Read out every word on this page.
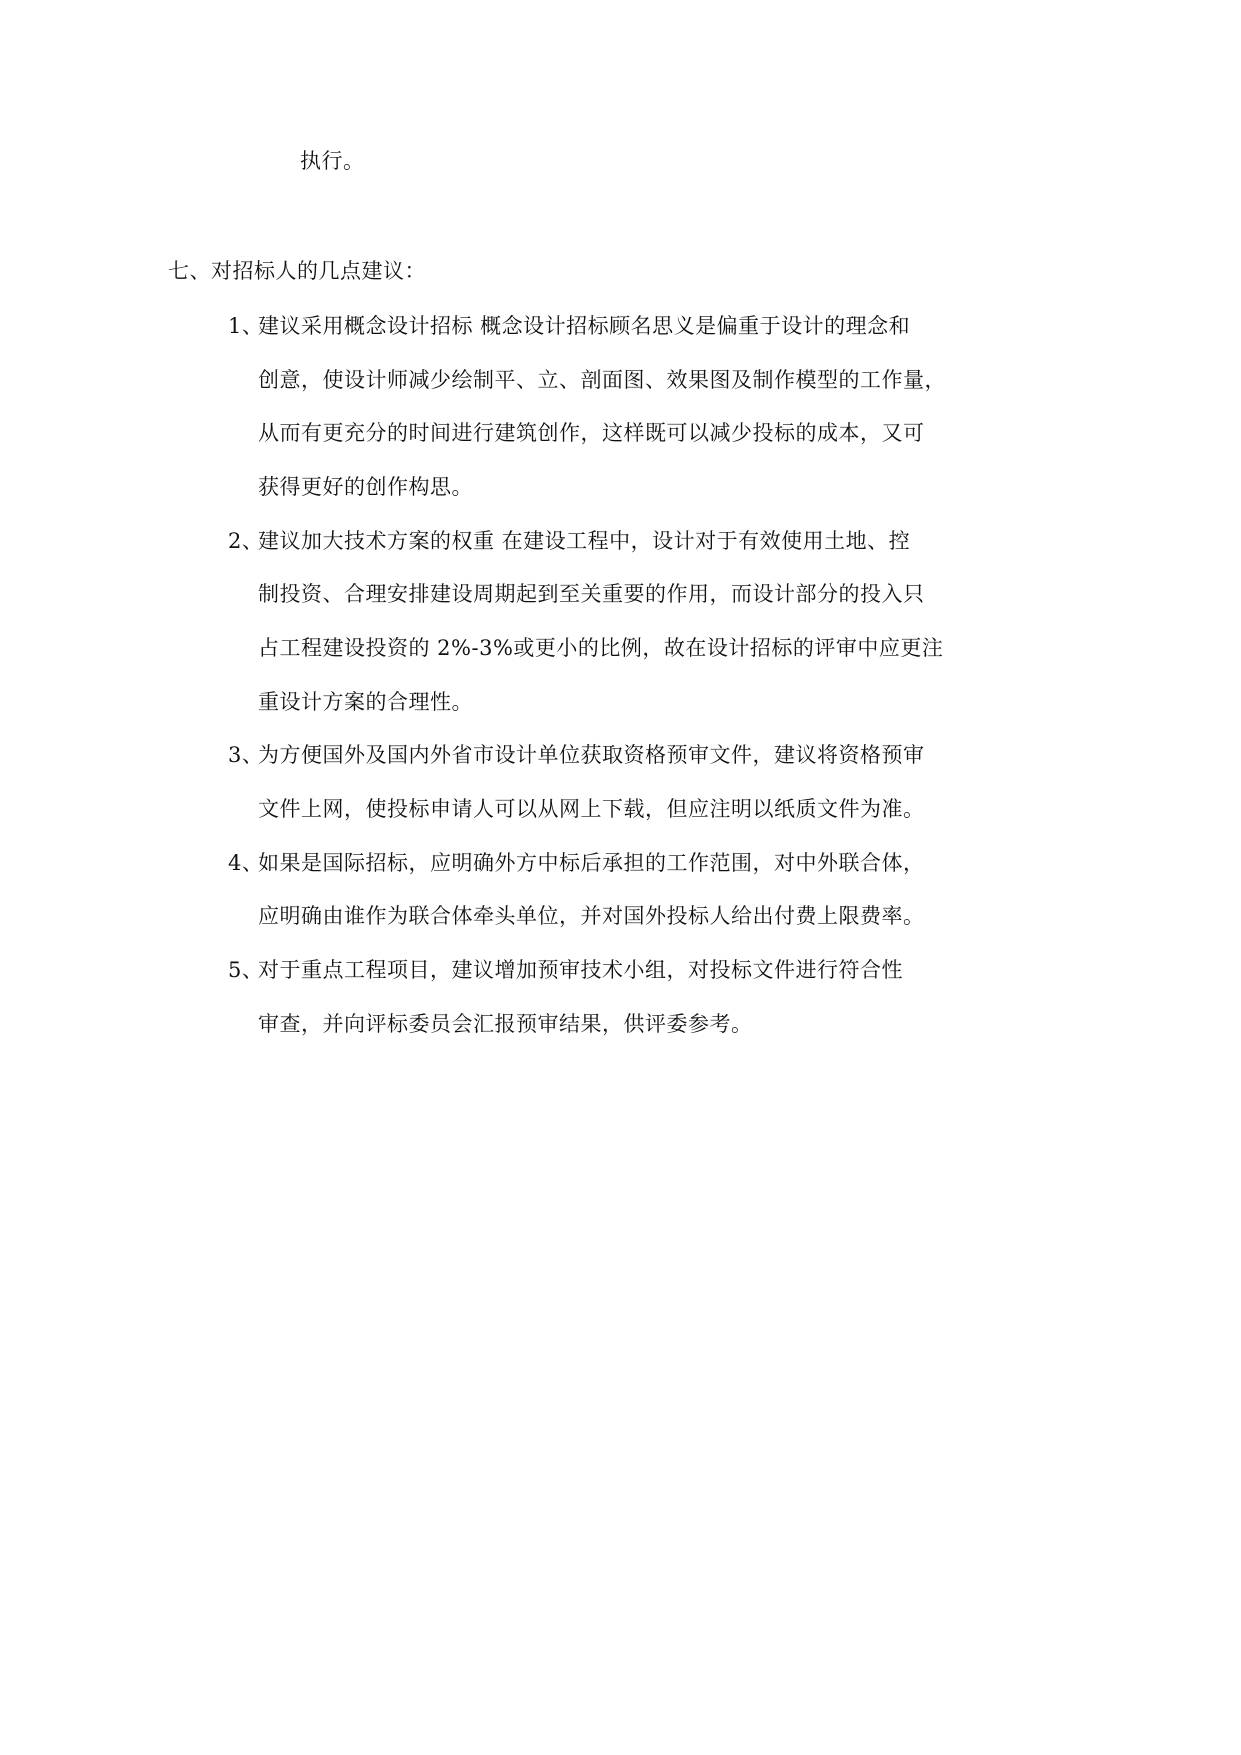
执行。
七、对招标人的几点建议：
1、
建议采用概念设计招标 概念设计招标顾名思义是偏重于设计的理念和
创意，使设计师减少绘制平、立、剖面图、效果图及制作模型的工作量，
从而有更充分的时间进行建筑创作，这样既可以减少投标的成本，又可
获得更好的创作构思。
2、
建议加大技术方案的权重 在建设工程中，设计对于有效使用土地、控
制投资、合理安排建设周期起到至关重要的作用，而设计部分的投入只
占工程建设投资的 2%-3%或更小的比例，故在设计招标的评审中应更注
重设计方案的合理性。
3、
为方便国外及国内外省市设计单位获取资格预审文件，建议将资格预审
文件上网，使投标申请人可以从网上下载，但应注明以纸质文件为准。
4、
如果是国际招标，应明确外方中标后承担的工作范围，对中外联合体，
应明确由谁作为联合体牵头单位，并对国外投标人给出付费上限费率。
5、
对于重点工程项目，建议增加预审技术小组，对投标文件进行符合性
审查，并向评标委员会汇报预审结果，供评委参考。
